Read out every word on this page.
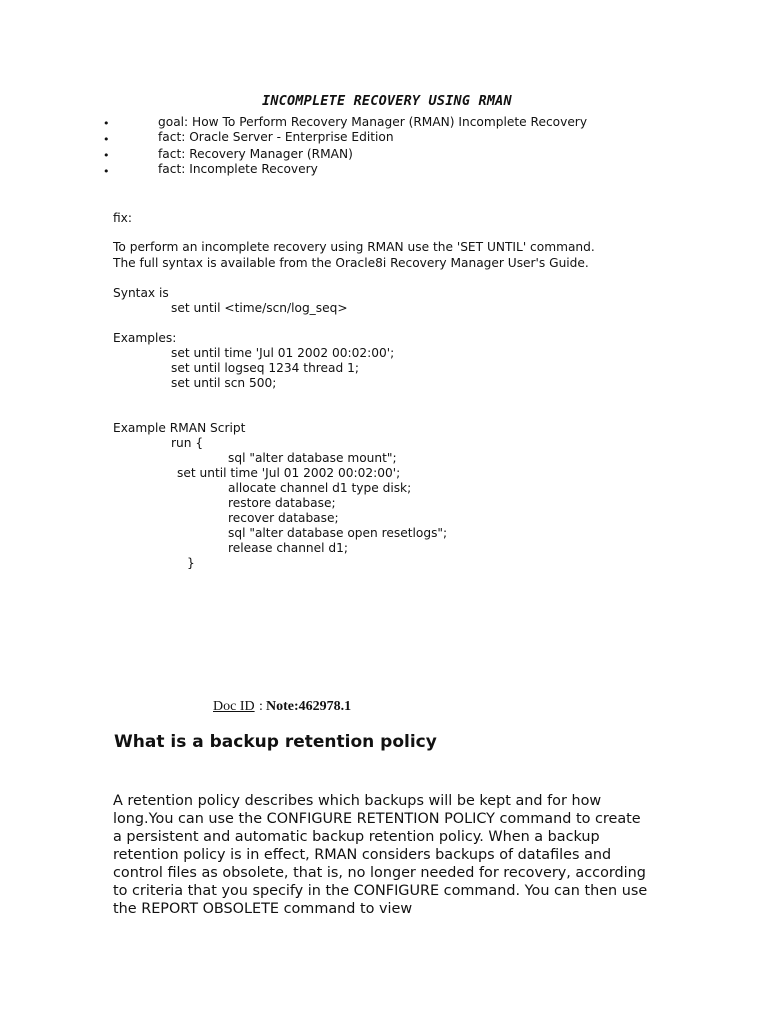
INCOMPLETE RECOVERY USING RMAN
•	goal: How To Perform Recovery Manager (RMAN) Incomplete Recovery
•	fact: Oracle Server - Enterprise Edition
•	fact: Recovery Manager (RMAN)
•	fact: Incomplete Recovery
fix:
To perform an incomplete recovery using RMAN use the 'SET UNTIL' command.
The full syntax is available from the Oracle8i Recovery Manager User's Guide.
Syntax is
set until <time/scn/log_seq>
Examples:
set until time 'Jul 01 2002 00:02:00';
set until logseq 1234 thread 1;
set until scn 500;
Example RMAN Script
run {
sql "alter database mount";
set until time 'Jul 01 2002 00:02:00';
allocate channel d1 type disk;
restore database;
recover database;
sql "alter database open resetlogs";
release channel d1;
}
Doc ID : Note:462978.1
What is a backup retention policy
A retention policy describes which backups will be kept and for how long.You can use the CONFIGURE RETENTION POLICY command to create a persistent and automatic backup retention policy. When a backup retention policy is in effect, RMAN considers backups of datafiles and control files as obsolete, that is, no longer needed for recovery, according to criteria that you specify in the CONFIGURE command. You can then use the REPORT OBSOLETE command to view
